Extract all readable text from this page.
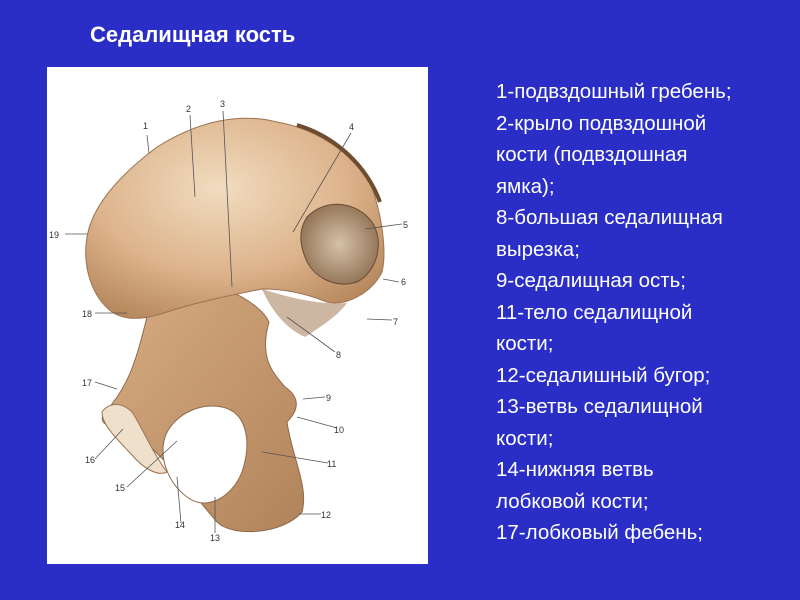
Седалищная кость
1
2	3
4
5
6
7
8
9
10
11
12
13
14
15
16
17
18
19
1-подвздошный гребень;
2-крыло подвздошной
кости (подвздошная
ямка);
8-большая седалищная
вырезка;
9-седалищная ость;
11-тело седалищной
кости;
12-седалишный бугор;
13-ветвь седалищной
кости;
14-нижняя ветвь
лобковой кости;
17-лобковый фебень;
